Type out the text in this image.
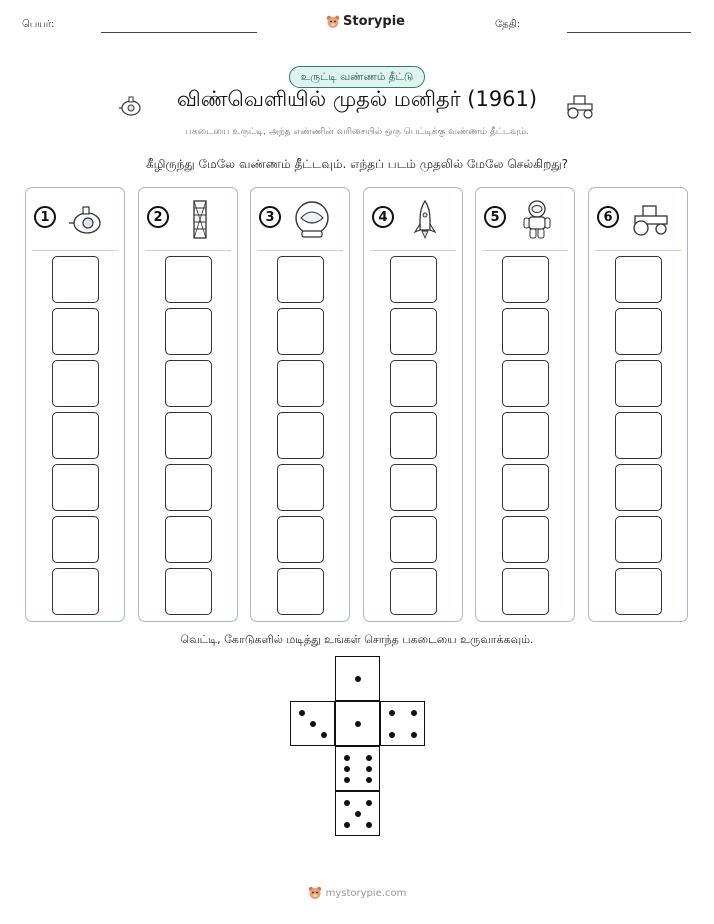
பெயர்:	Storypie	தேதி:
உருட்டி வண்ணம் தீட்டு
விண்வெளியில் முதல் மனிதர் (1961)
பகடையை உருட்டி, அந்த எண்ணின் வரிசையில் ஒரு பெட்டிக்கு வண்ணம் தீட்டவும்.
கீழிருந்து மேலே வண்ணம் தீட்டவும். எந்தப் படம் முதலில் மேலே செல்கிறது?
1	2	3	4	5	6
வெட்டி, கோடுகளில் மடித்து உங்கள் சொந்த பகடையை உருவாக்கவும்.
mystorypie.com
